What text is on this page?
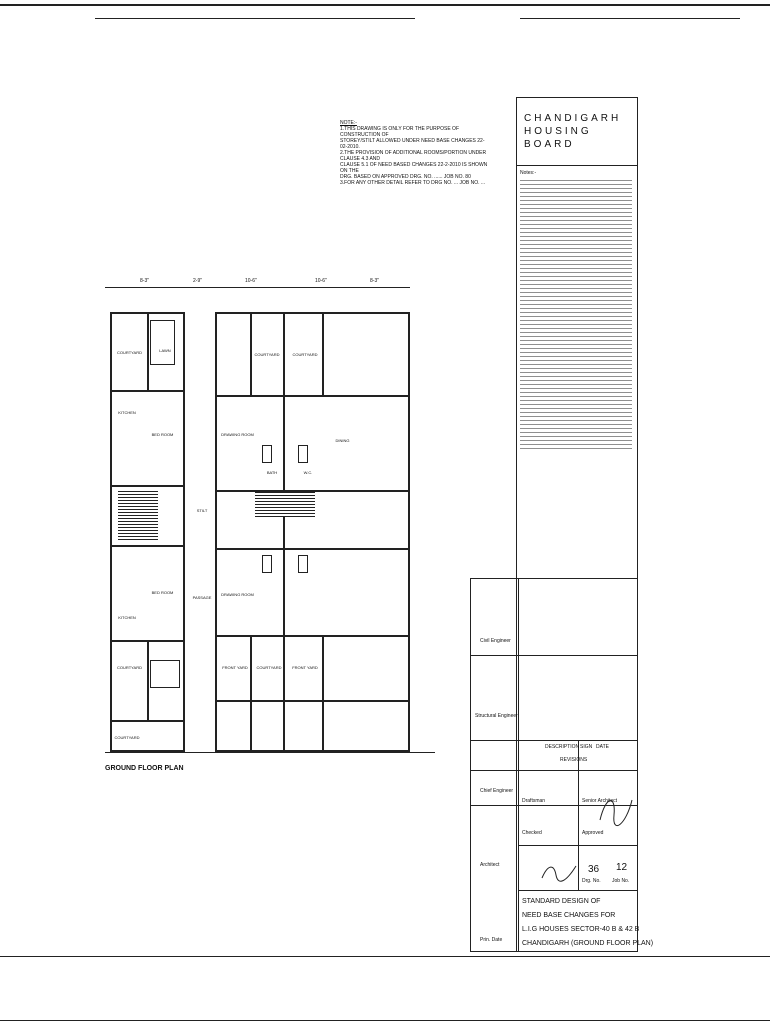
CHANDIGARH
HOUSING
BOARD
Notes:-
NOTE:-
1.THIS DRAWING IS ONLY FOR THE PURPOSE OF CONSTRUCTION OF
STOREY/STILT ALLOWED UNDER NEED BASE CHANGES 22-02-2010.
2.THE PROVISION OF ADDITIONAL ROOMS/PORTION UNDER CLAUSE 4.3 AND
CLAUSE 5.1 OF NEED BASED CHANGES 22-2-2010 IS SHOWN ON THE
DRG. BASED ON APPROVED DRG. NO. ...... JOB NO. 80
3.FOR ANY OTHER DETAIL REFER TO DRG NO. ... JOB NO. ...
8-3"	2-9"	10-6"	10-6"	8-3"
COURTYARD	LAWN
KITCHEN
BED ROOM	DRAWING ROOM
DINING
COURTYARD
STILT
BED ROOM	DRAWING ROOM
KITCHEN
COURTYARD	FRONT YARD	FRONT YARD
COURTYARD
COURTYARD
COURTYARD
PASSAGE
BATH	W.C.
GROUND FLOOR PLAN
Civil Engineer
Structural Engineer
Chief Engineer
Architect
Prin. Date
DESCRIPTION SIGN DATE
REVISIONS
Draftsman	Senior Architect
Checked	Approved
Drg. No.
36
Job No.
12
STANDARD DESIGN OF
NEED BASE CHANGES FOR
L.I.G HOUSES SECTOR-40 B & 42 B
CHANDIGARH (GROUND FLOOR PLAN)
